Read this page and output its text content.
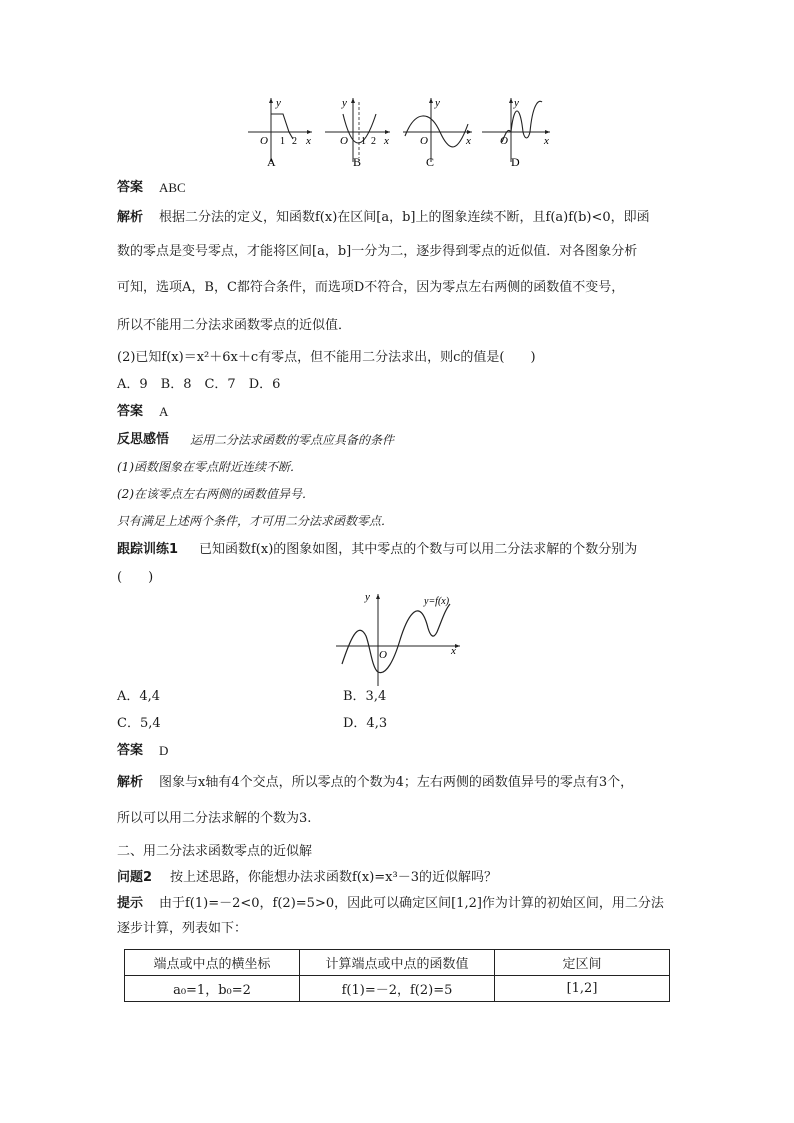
y
x
O 1 2
A
y
x
O 1 2
B
y
x
O
C
y
x
O
D
答案 ABC
解析 根据二分法的定义，知函数f(x)在区间[a，b]上的图象连续不断，且f(a)f(b)<0，即函
数的零点是变号零点，才能将区间[a，b]一分为二，逐步得到零点的近似值．对各图象分析
可知，选项A，B，C都符合条件，而选项D不符合，因为零点左右两侧的函数值不变号，
所以不能用二分法求函数零点的近似值．
(2)已知f(x)＝x²＋6x＋c有零点，但不能用二分法求出，则c的值是(　　)
A．9　B．8　C．7　D．6
答案 A
反思感悟 运用二分法求函数的零点应具备的条件
(1)函数图象在零点附近连续不断．
(2)在该零点左右两侧的函数值异号．
只有满足上述两个条件，才可用二分法求函数零点．
跟踪训练1 已知函数f(x)的图象如图，其中零点的个数与可以用二分法求解的个数分别为
(　　)
y
x
O
y=f(x)
A．4,4	B．3,4
C．5,4	D．4,3
答案 D
解析 图象与x轴有4个交点，所以零点的个数为4；左右两侧的函数值异号的零点有3个，
所以可以用二分法求解的个数为3.
二、用二分法求函数零点的近似解
问题2 按上述思路，你能想办法求函数f(x)=x³－3的近似解吗？
提示 由于f(1)=－2<0，f(2)=5>0，因此可以确定区间[1,2]作为计算的初始区间，用二分法
逐步计算，列表如下：
端点或中点的横坐标	计算端点或中点的函数值	定区间
a₀=1，b₀=2	f(1)=－2，f(2)=5	[1,2]
